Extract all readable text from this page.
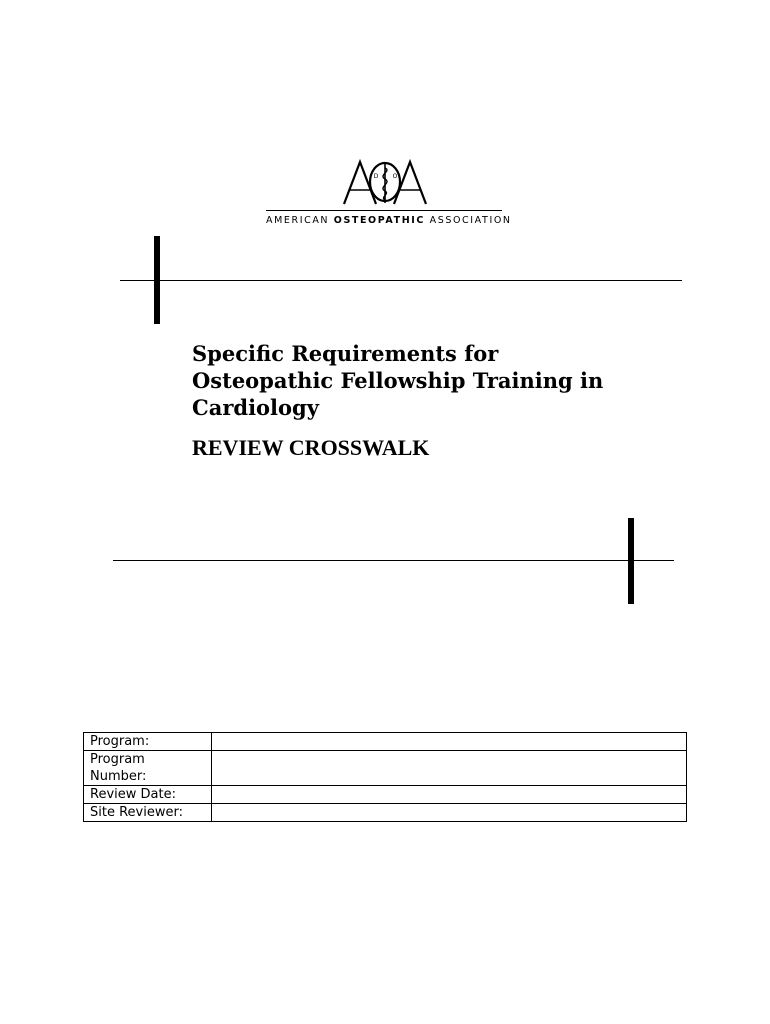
D O
AMERICAN OSTEOPATHIC ASSOCIATION
Specific Requirements for
Osteopathic Fellowship Training in
Cardiology
REVIEW CROSSWALK
Program:	
Program
Number:	
Review Date:	
Site Reviewer:	
